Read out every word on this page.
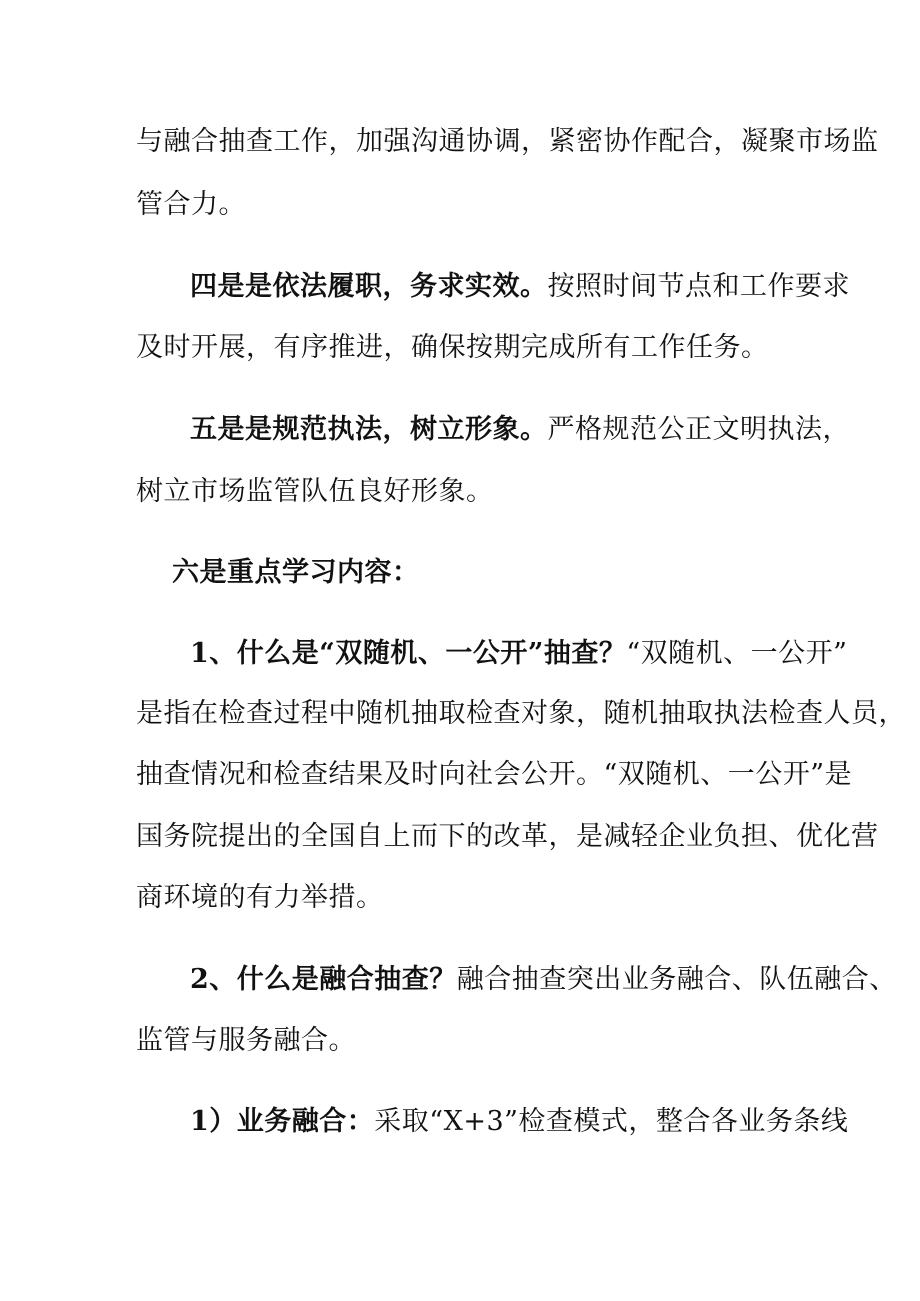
与融合抽查工作，加强沟通协调，紧密协作配合，凝聚市场监
管合力。
四是是依法履职，务求实效。按照时间节点和工作要求
及时开展，有序推进，确保按期完成所有工作任务。
五是是规范执法，树立形象。严格规范公正文明执法，
树立市场监管队伍良好形象。
六是重点学习内容：
1、什么是“双随机、一公开”抽查？“双随机、一公开”
是指在检查过程中随机抽取检查对象，随机抽取执法检查人员，
抽查情况和检查结果及时向社会公开。“双随机、一公开”是
国务院提出的全国自上而下的改革，是减轻企业负担、优化营
商环境的有力举措。
2、什么是融合抽查？融合抽查突出业务融合、队伍融合、
监管与服务融合。
1）业务融合：采取“X+3”检查模式，整合各业务条线
